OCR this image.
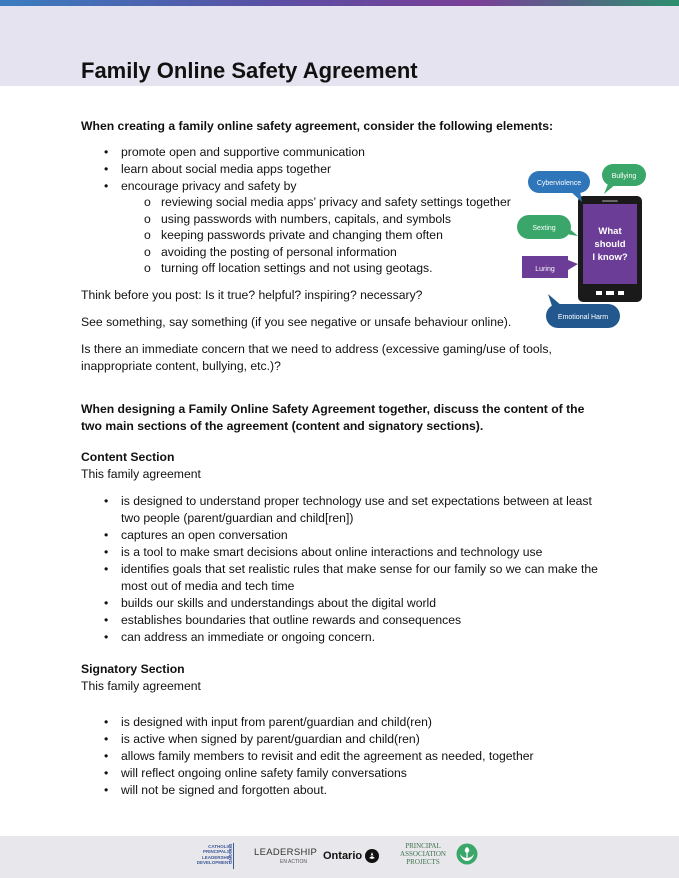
Family Online Safety Agreement
When creating a family online safety agreement, consider the following elements:
• promote open and supportive communication
• learn about social media apps together
• encourage privacy and safety by
o reviewing social media apps’ privacy and safety settings together
o using passwords with numbers, capitals, and symbols
o keeping passwords private and changing them often
o avoiding the posting of personal information
o turning off location settings and not using geotags.
Think before you post: Is it true? helpful? inspiring? necessary?
See something, say something (if you see negative or unsafe behaviour online).
Is there an immediate concern that we need to address (excessive gaming/use of tools, inappropriate content, bullying, etc.)?
When designing a Family Online Safety Agreement together, discuss the content of the two main sections of the agreement (content and signatory sections).
Content Section
This family agreement
• is designed to understand proper technology use and set expectations between at least two people (parent/guardian and child[ren])
• captures an open conversation
• is a tool to make smart decisions about online interactions and technology use
• identifies goals that set realistic rules that make sense for our family so we can make the most out of media and tech time
• builds our skills and understandings about the digital world
• establishes boundaries that outline rewards and consequences
• can address an immediate or ongoing concern.
Signatory Section
This family agreement
• is designed with input from parent/guardian and child(ren)
• is active when signed by parent/guardian and child(ren)
• allows family members to revisit and edit the agreement as needed, together
• will reflect ongoing online safety family conversations
• will not be signed and forgotten about.
What
should
I know?
Cyberviolence
Bullying
Sexting
Luring
Emotional Harm
CATHOLIC
PRINCIPALS'
LEADERSHIP
DEVELOPMENT
ONTARIO LEADERSHIP
EN ACTION Ontario
PRINCIPAL
ASSOCIATION
PROJECTS
